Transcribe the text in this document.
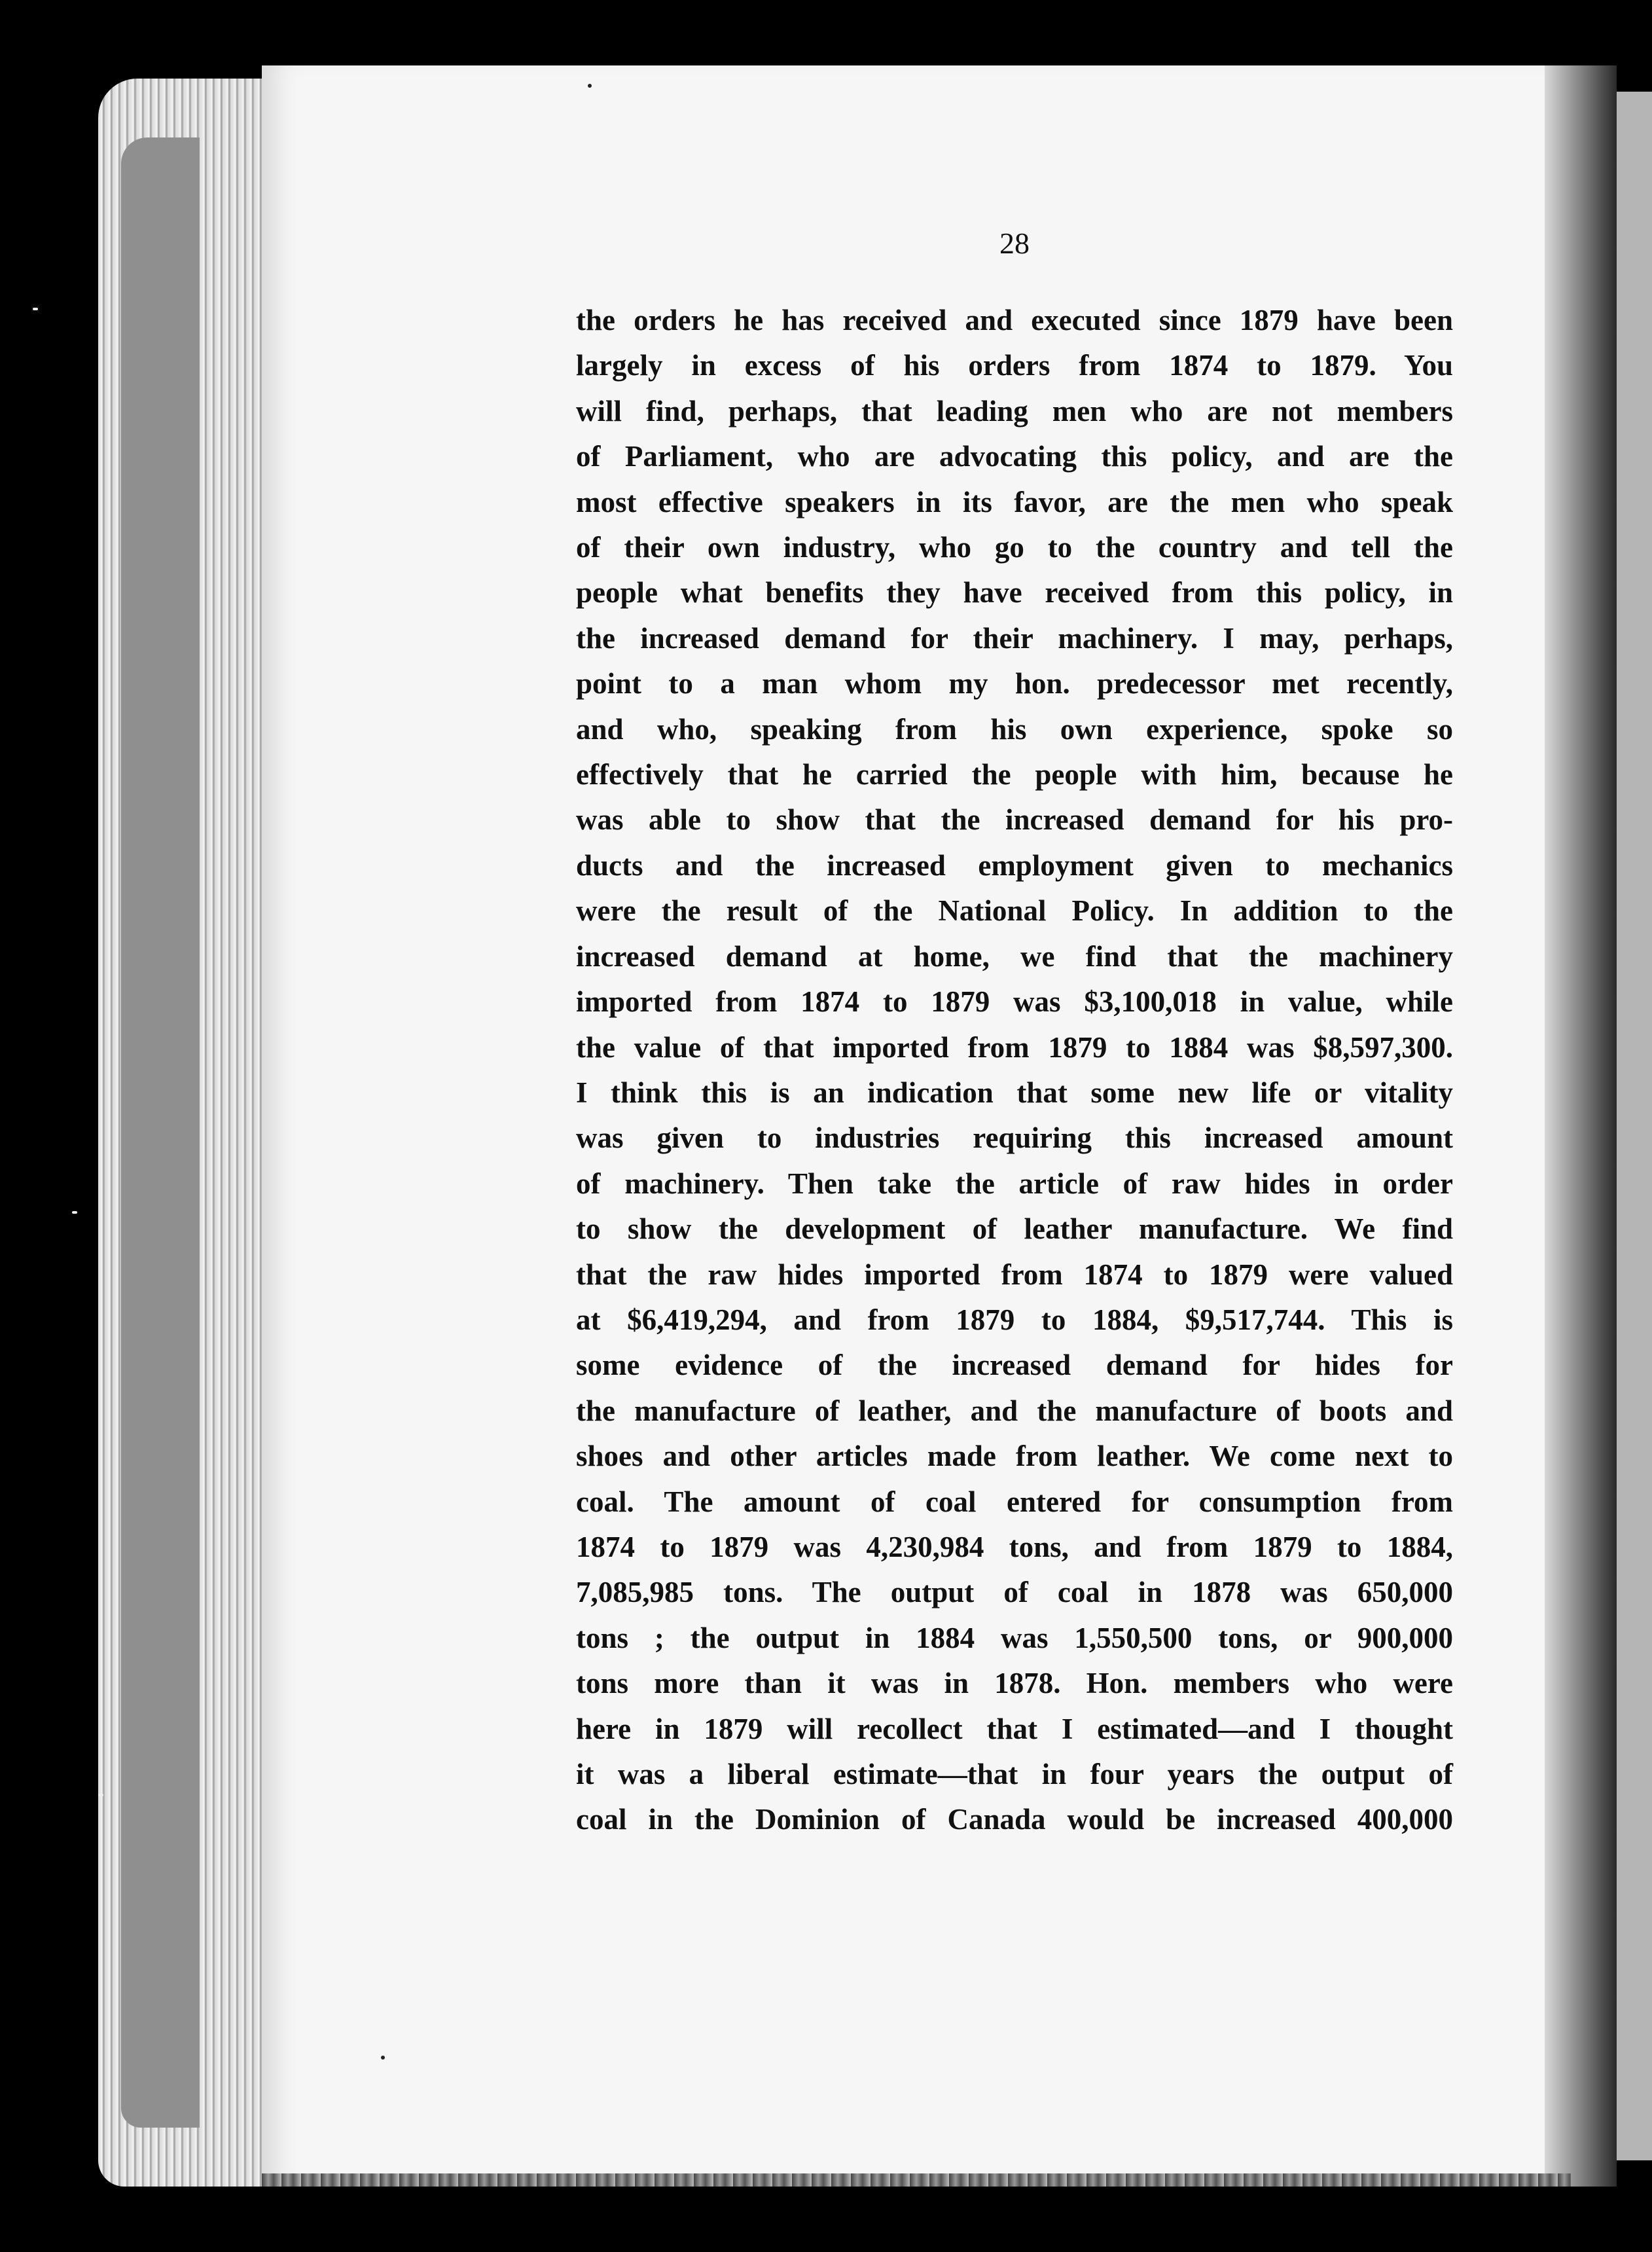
28
the orders he has received and executed since 1879 have been
largely in excess of his orders from 1874 to 1879. You
will find, perhaps, that leading men who are not members
of Parliament, who are advocating this policy, and are the
most effective speakers in its favor, are the men who speak
of their own industry, who go to the country and tell the
people what benefits they have received from this policy, in
the increased demand for their machinery. I may, perhaps,
point to a man whom my hon. predecessor met recently,
and who, speaking from his own experience, spoke so
effectively that he carried the people with him, because he
was able to show that the increased demand for his pro-
ducts and the increased employment given to mechanics
were the result of the National Policy. In addition to the
increased demand at home, we find that the machinery
imported from 1874 to 1879 was $3,100,018 in value, while
the value of that imported from 1879 to 1884 was $8,597,300.
I think this is an indication that some new life or vitality
was given to industries requiring this increased amount
of machinery. Then take the article of raw hides in order
to show the development of leather manufacture. We find
that the raw hides imported from 1874 to 1879 were valued
at $6,419,294, and from 1879 to 1884, $9,517,744. This is
some evidence of the increased demand for hides for
the manufacture of leather, and the manufacture of boots and
shoes and other articles made from leather. We come next to
coal. The amount of coal entered for consumption from
1874 to 1879 was 4,230,984 tons, and from 1879 to 1884,
7,085,985 tons. The output of coal in 1878 was 650,000
tons ; the output in 1884 was 1,550,500 tons, or 900,000
tons more than it was in 1878. Hon. members who were
here in 1879 will recollect that I estimated—and I thought
it was a liberal estimate—that in four years the output of
coal in the Dominion of Canada would be increased 400,000
